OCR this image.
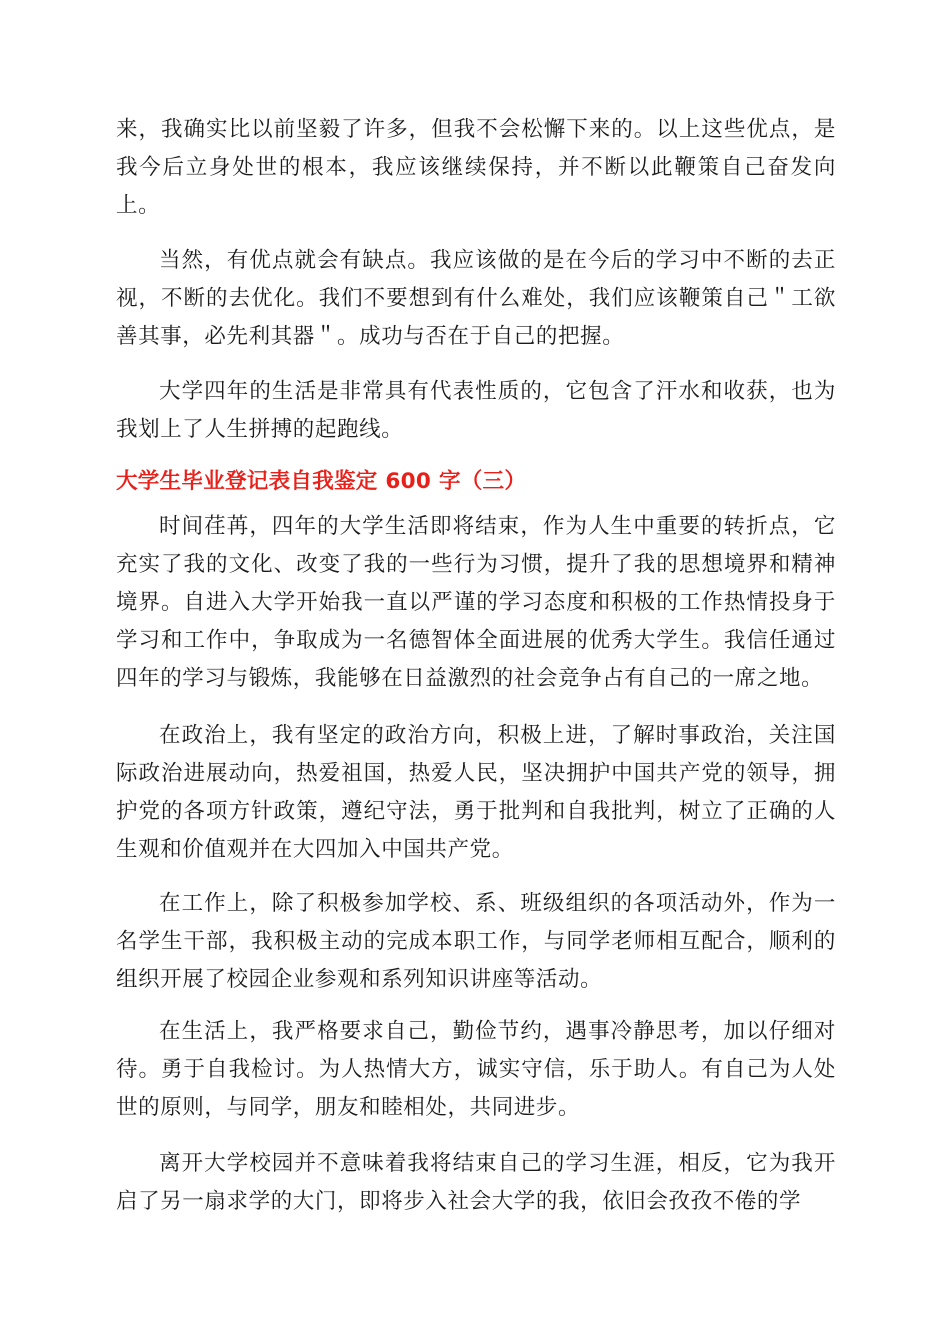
来，我确实比以前坚毅了许多，但我不会松懈下来的。以上这些优点，是我今后立身处世的根本，我应该继续保持，并不断以此鞭策自己奋发向上。

当然，有优点就会有缺点。我应该做的是在今后的学习中不断的去正视，不断的去优化。我们不要想到有什么难处，我们应该鞭策自己＂工欲善其事，必先利其器＂。成功与否在于自己的把握。

大学四年的生活是非常具有代表性质的，它包含了汗水和收获，也为我划上了人生拼搏的起跑线。

大学生毕业登记表自我鉴定 600 字（三）

时间荏苒，四年的大学生活即将结束，作为人生中重要的转折点，它充实了我的文化、改变了我的一些行为习惯，提升了我的思想境界和精神境界。自进入大学开始我一直以严谨的学习态度和积极的工作热情投身于学习和工作中，争取成为一名德智体全面进展的优秀大学生。我信任通过四年的学习与锻炼，我能够在日益激烈的社会竞争占有自己的一席之地。

在政治上，我有坚定的政治方向，积极上进，了解时事政治，关注国际政治进展动向，热爱祖国，热爱人民，坚决拥护中国共产党的领导，拥护党的各项方针政策，遵纪守法，勇于批判和自我批判，树立了正确的人生观和价值观并在大四加入中国共产党。

在工作上，除了积极参加学校、系、班级组织的各项活动外，作为一名学生干部，我积极主动的完成本职工作，与同学老师相互配合，顺利的组织开展了校园企业参观和系列知识讲座等活动。

在生活上，我严格要求自己，勤俭节约，遇事冷静思考，加以仔细对待。勇于自我检讨。为人热情大方，诚实守信，乐于助人。有自己为人处世的原则，与同学，朋友和睦相处，共同进步。

离开大学校园并不意味着我将结束自己的学习生涯，相反，它为我开启了另一扇求学的大门，即将步入社会大学的我，依旧会孜孜不倦的学
